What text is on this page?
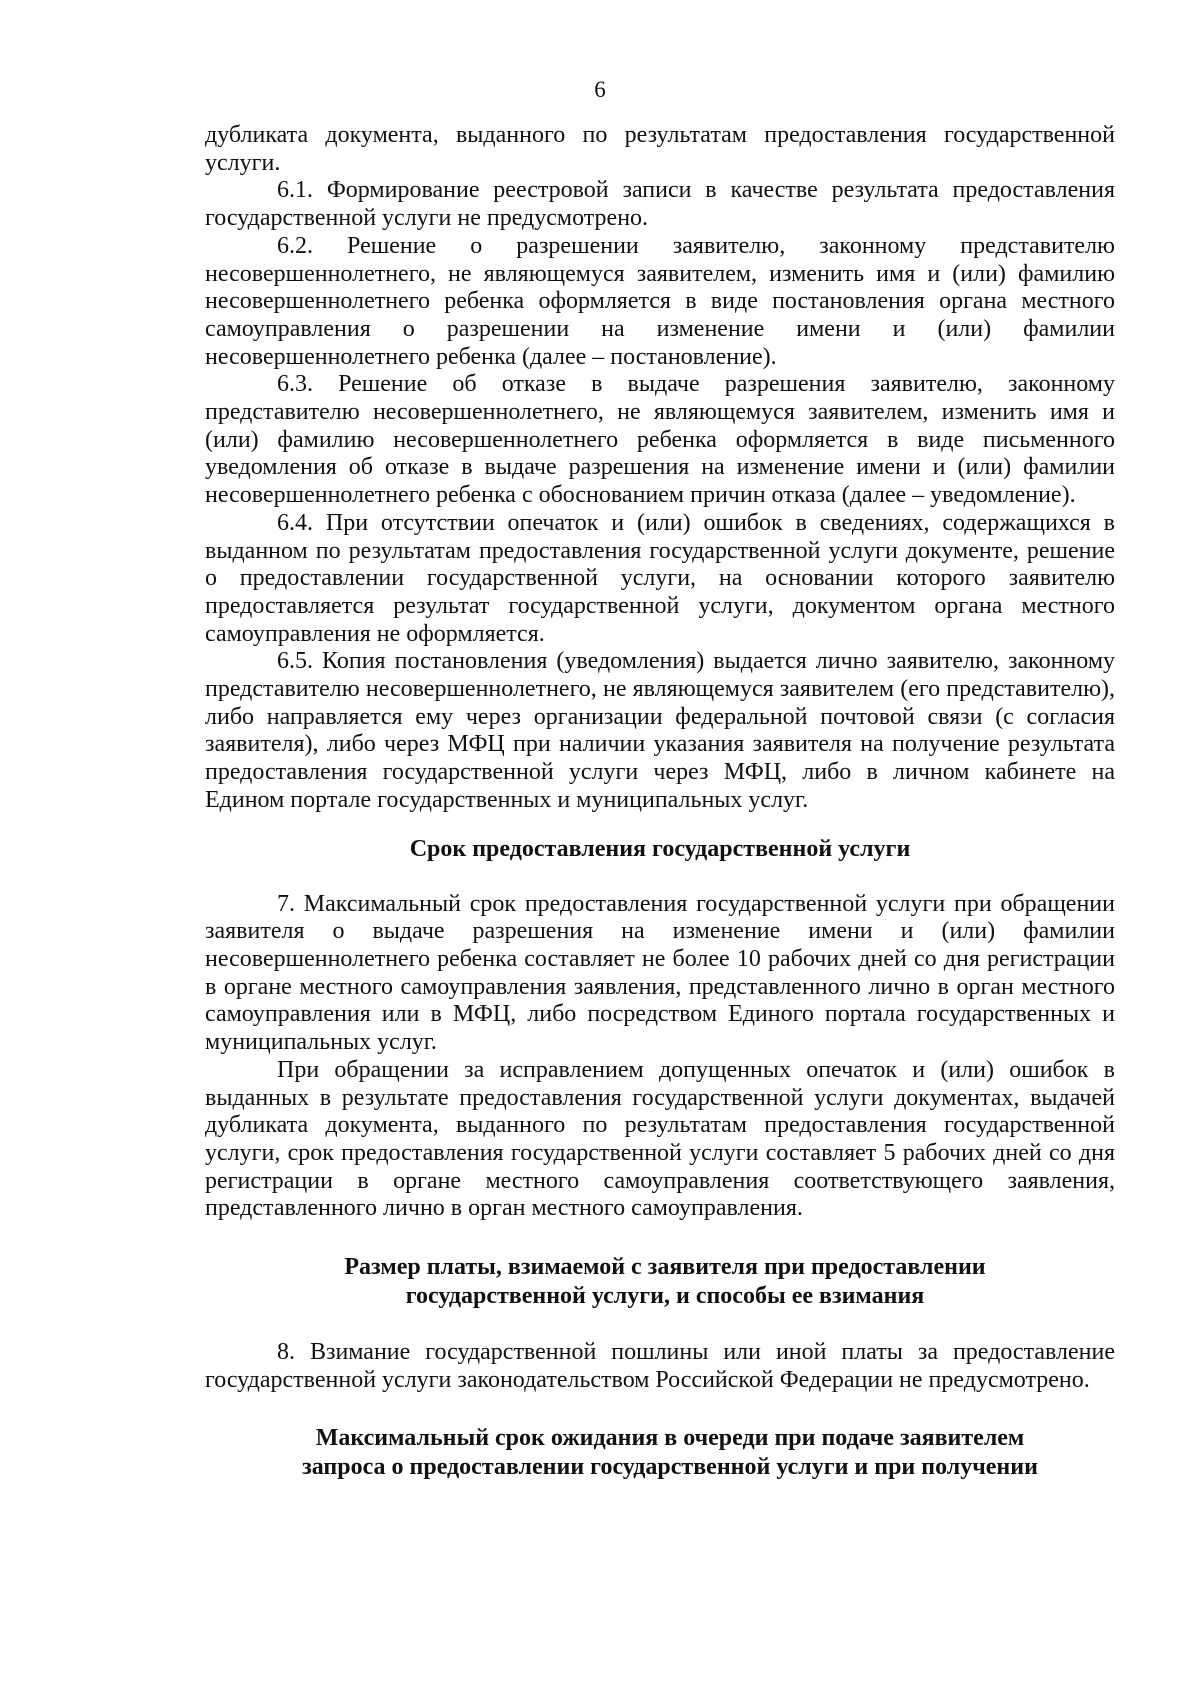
6

дубликата документа, выданного по результатам предоставления государственной услуги.

6.1. Формирование реестровой записи в качестве результата предоставления государственной услуги не предусмотрено.

6.2. Решение о разрешении заявителю, законному представителю несовершеннолетнего, не являющемуся заявителем, изменить имя и (или) фамилию несовершеннолетнего ребенка оформляется в виде постановления органа местного самоуправления о разрешении на изменение имени и (или) фамилии несовершеннолетнего ребенка (далее – постановление).

6.3. Решение об отказе в выдаче разрешения заявителю, законному представителю несовершеннолетнего, не являющемуся заявителем, изменить имя и (или) фамилию несовершеннолетнего ребенка оформляется в виде письменного уведомления об отказе в выдаче разрешения на изменение имени и (или) фамилии несовершеннолетнего ребенка с обоснованием причин отказа (далее – уведомление).

6.4. При отсутствии опечаток и (или) ошибок в сведениях, содержащихся в выданном по результатам предоставления государственной услуги документе, решение о предоставлении государственной услуги, на основании которого заявителю предоставляется результат государственной услуги, документом органа местного самоуправления не оформляется.

6.5. Копия постановления (уведомления) выдается лично заявителю, законному представителю несовершеннолетнего, не являющемуся заявителем (его представителю), либо направляется ему через организации федеральной почтовой связи (с согласия заявителя), либо через МФЦ при наличии указания заявителя на получение результата предоставления государственной услуги через МФЦ, либо в личном кабинете на Едином портале государственных и муниципальных услуг.

Срок предоставления государственной услуги

7. Максимальный срок предоставления государственной услуги при обращении заявителя о выдаче разрешения на изменение имени и (или) фамилии несовершеннолетнего ребенка составляет не более 10 рабочих дней со дня регистрации в органе местного самоуправления заявления, представленного лично в орган местного самоуправления или в МФЦ, либо посредством Единого портала государственных и муниципальных услуг.

При обращении за исправлением допущенных опечаток и (или) ошибок в выданных в результате предоставления государственной услуги документах, выдачей дубликата документа, выданного по результатам предоставления государственной услуги, срок предоставления государственной услуги составляет 5 рабочих дней со дня регистрации в органе местного самоуправления соответствующего заявления, представленного лично в орган местного самоуправления.

Размер платы, взимаемой с заявителя при предоставлении
государственной услуги, и способы ее взимания

8. Взимание государственной пошлины или иной платы за предоставление государственной услуги законодательством Российской Федерации не предусмотрено.

Максимальный срок ожидания в очереди при подаче заявителем
запроса о предоставлении государственной услуги и при получении
